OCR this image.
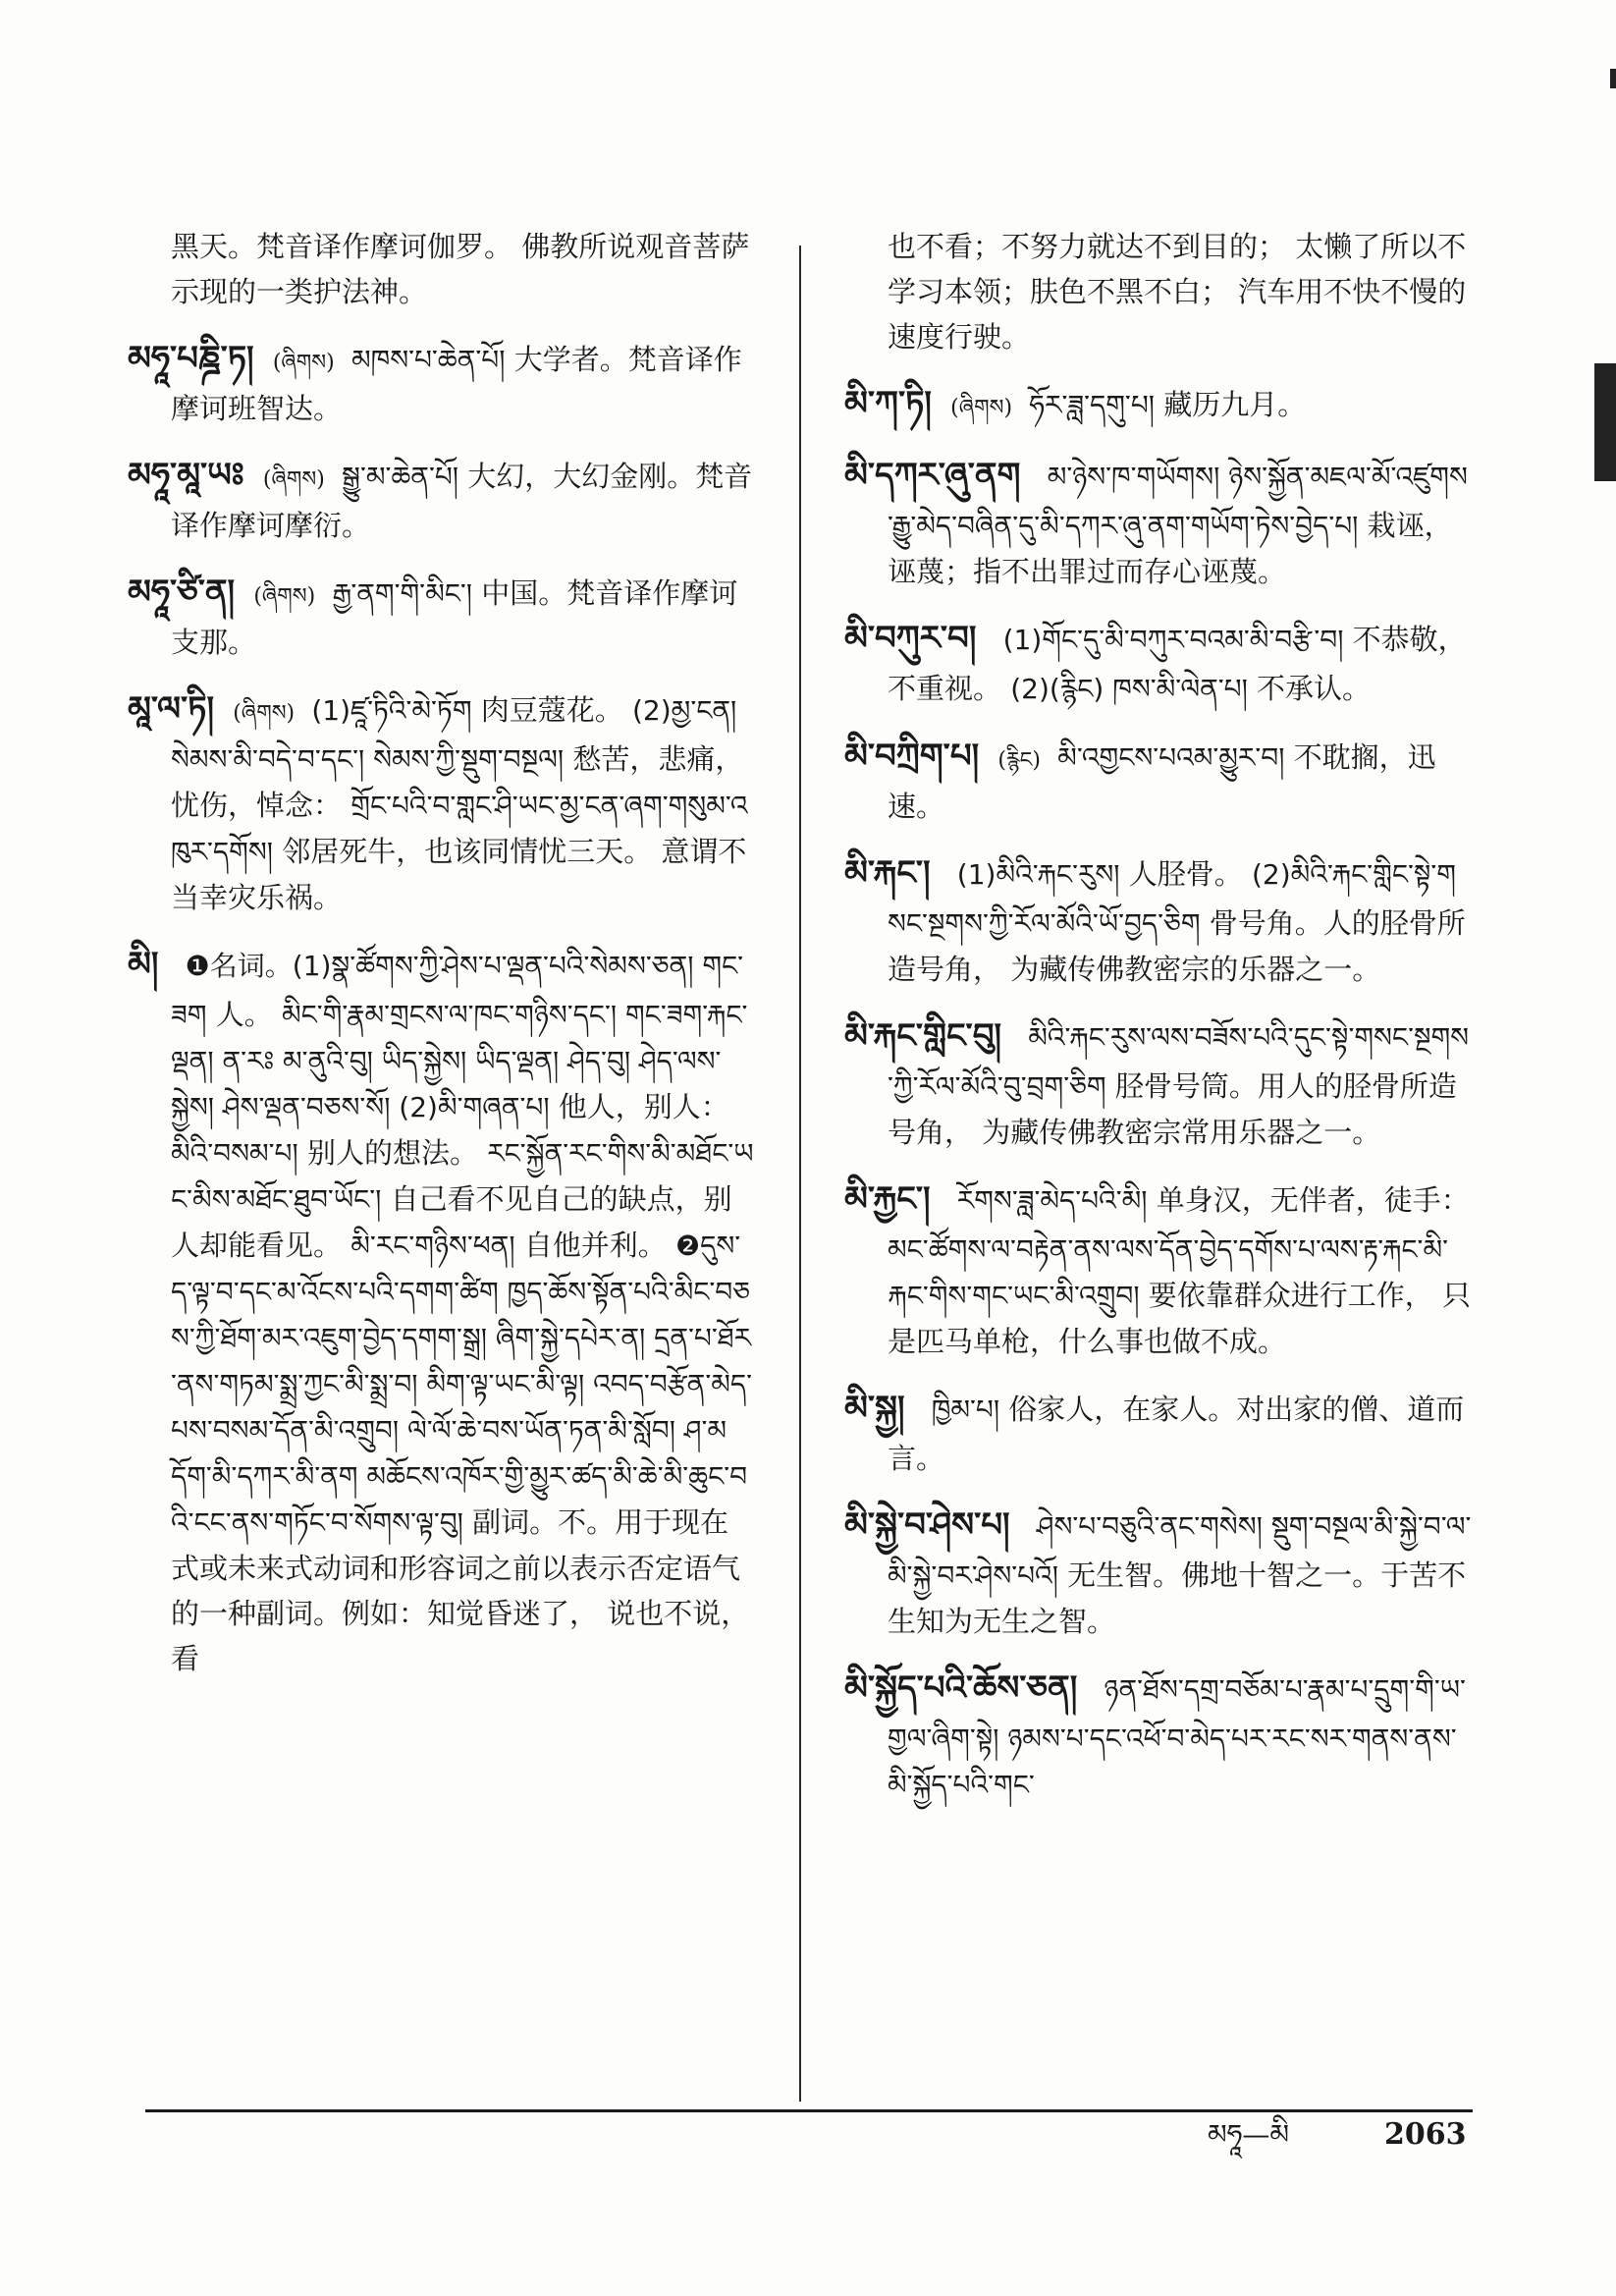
黑天。梵音译作摩诃伽罗。 佛教所说观音菩萨示现的一类护法神。

མཧཱ་པཎྜི་ཏ། (ཞིགས) མཁས་པ་ཆེན་པོ། 大学者。梵音译作摩诃班智达。

མཧཱ་མཱ་ཡཿ (ཞིགས) སྒྱུ་མ་ཆེན་པོ། 大幻，大幻金刚。梵音译作摩诃摩衍。

མཧཱ་ཙི་ན། (ཞིགས) རྒྱ་ནག་གི་མིང་། 中国。梵音译作摩诃支那。

མཱ་ལ་ཏི། (ཞིགས) (1)ཛཱ་ཏིའི་མེ་ཏོག 肉豆蔻花。 (2)མྱ་ངན། སེམས་མི་བདེ་བ་དང་། སེམས་ཀྱི་སྡུག་བསྔལ། 愁苦，悲痛，忧伤，悼念： གྲོང་པའི་བ་གླང་ཤི་ཡང་མྱ་ངན་ཞག་གསུམ་འཁུར་དགོས། 邻居死牛，也该同情忧三天。 意谓不当幸灾乐祸。

མི། ❶名词。(1)སྣ་ཚོགས་ཀྱི་ཤེས་པ་ལྡན་པའི་སེམས་ཅན། གང་ཟག 人。 མིང་གི་རྣམ་གྲངས་ལ་ཁང་གཉིས་དང་། གང་ཟག་རྐང་ལྡན། ན་རཿ མ་ནུའི་བུ། ཡིད་སྐྱེས། ཡིད་ལྡན། ཤེད་བུ། ཤེད་ལས་སྐྱེས། ཤེས་ལྡན་བཅས་སོ། (2)མི་གཞན་པ། 他人，别人： མིའི་བསམ་པ། 别人的想法。 རང་སྐྱོན་རང་གིས་མི་མཐོང་ཡང་མིས་མཐོང་ཐུབ་ཡོང་། 自己看不见自己的缺点，别人却能看见。 མི་རང་གཉིས་ཕན། 自他并利。 ❷དུས་ད་ལྟ་བ་དང་མ་འོངས་པའི་དགག་ཚིག ཁྱད་ཆོས་སྟོན་པའི་མིང་བཅས་ཀྱི་ཐོག་མར་འཇུག་བྱེད་དགག་སྒྲ། ཞིག་སྐྱེ་དཔེར་ན། དྲན་པ་ཐོར་ནས་གཏམ་སྨྲ་ཀྱང་མི་སྨྲ་བ། མིག་ལྟ་ཡང་མི་ལྟ། འབད་བརྩོན་མེད་པས་བསམ་དོན་མི་འགྲུབ། ལེ་ལོ་ཆེ་བས་ཡོན་ཏན་མི་སློབ། ཤ་མདོག་མི་དཀར་མི་ནག མཆོངས་འཁོར་གྱི་མྱུར་ཚད་མི་ཆེ་མི་ཆུང་བའི་ངང་ནས་གཏོང་བ་སོགས་ལྟ་བུ། 副词。不。用于现在式或未来式动词和形容词之前以表示否定语气的一种副词。例如：知觉昏迷了， 说也不说，看

也不看；不努力就达不到目的； 太懒了所以不学习本领；肤色不黑不白； 汽车用不快不慢的速度行驶。

མི་ཀ་ཏི། (ཞིགས) ཧོར་ཟླ་དགུ་པ། 藏历九月。

མི་དཀར་ཞུ་ནག མ་ཉེས་ཁ་གཡོགས། ཉེས་སྐྱོན་མཇལ་མོ་འཛུགས་རྒྱུ་མེད་བཞིན་དུ་མི་དཀར་ཞུ་ནག་གཡོག་ཏེས་བྱེད་པ། 栽诬，诬蔑；指不出罪过而存心诬蔑。

མི་བཀུར་བ། (1)གོང་དུ་མི་བཀུར་བའམ་མི་བརྩི་བ། 不恭敬，不重视。 (2)(རྙིང) ཁས་མི་ལེན་པ། 不承认。

མི་བཀྲིག་པ། (རྙིང) མི་འགྱངས་པའམ་མྱུར་བ། 不耽搁，迅速。

མི་རྐང་། (1)མིའི་རྐང་རུས། 人胫骨。 (2)མིའི་རྐང་གླིང་སྟེ་གསང་སྔགས་ཀྱི་རོལ་མོའི་ཡོ་བྱད་ཅིག 骨号角。人的胫骨所造号角， 为藏传佛教密宗的乐器之一。

མི་རྐང་གླིང་བུ། མིའི་རྐང་རུས་ལས་བཟོས་པའི་དུང་སྟེ་གསང་སྔགས་ཀྱི་རོལ་མོའི་བུ་བྲག་ཅིག 胫骨号筒。用人的胫骨所造号角， 为藏传佛教密宗常用乐器之一。

མི་རྐྱང་། རོགས་ཟླ་མེད་པའི་མི། 单身汉，无伴者，徒手： མང་ཚོགས་ལ་བརྟེན་ནས་ལས་དོན་བྱེད་དགོས་པ་ལས་རྟ་རྐང་མི་རྐང་གིས་གང་ཡང་མི་འགྲུབ། 要依靠群众进行工作， 只是匹马单枪，什么事也做不成。

མི་སྐྱ། ཁྱིམ་པ། 俗家人，在家人。对出家的僧、道而言。

མི་སྐྱེ་བ་ཤེས་པ། ཤེས་པ་བཅུའི་ནང་གསེས། སྡུག་བསྔལ་མི་སྐྱེ་བ་ལ་མི་སྐྱེ་བར་ཤེས་པའོ། 无生智。佛地十智之一。于苦不生知为无生之智。

མི་སྐྱོད་པའི་ཆོས་ཅན། ཉན་ཐོས་དགྲ་བཅོམ་པ་རྣམ་པ་དྲུག་གི་ཡ་གྱལ་ཞིག་སྟེ། ཉམས་པ་དང་འཕོ་བ་མེད་པར་རང་སར་གནས་ནས་མི་སྐྱོད་པའི་གང་

མཧཱ—མི	2063
